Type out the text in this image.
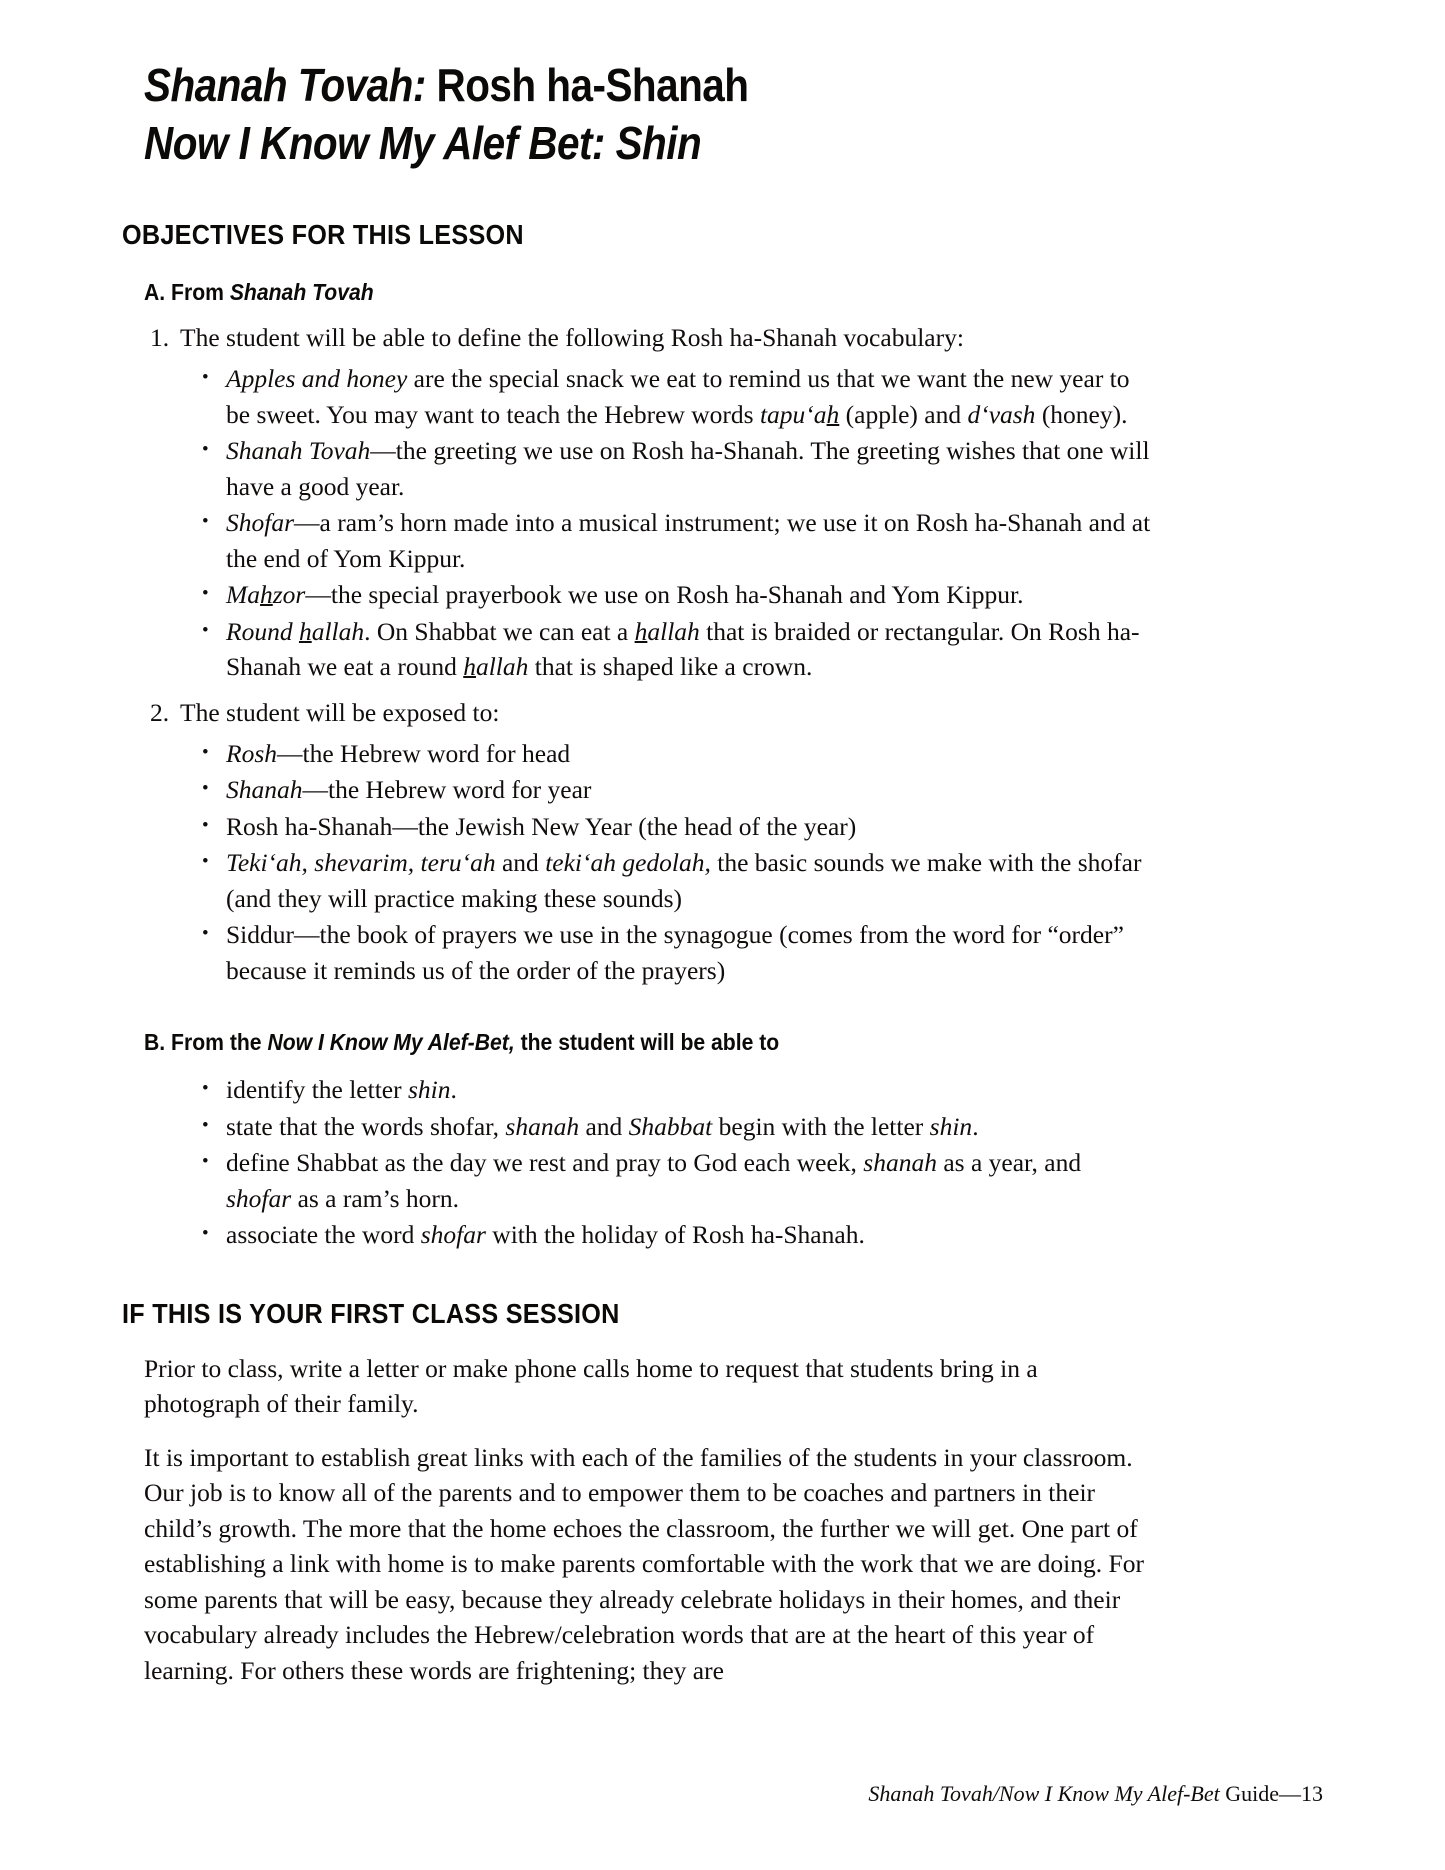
Shanah Tovah: Rosh ha-Shanah
Now I Know My Alef Bet: Shin
OBJECTIVES FOR THIS LESSON
A. From Shanah Tovah
1. The student will be able to define the following Rosh ha-Shanah vocabulary:
• Apples and honey are the special snack we eat to remind us that we want the new year to be sweet. You may want to teach the Hebrew words tapuʻah (apple) and dʻvash (honey).
• Shanah Tovah—the greeting we use on Rosh ha-Shanah. The greeting wishes that one will have a good year.
• Shofar—a ram’s horn made into a musical instrument; we use it on Rosh ha-Shanah and at the end of Yom Kippur.
• Mahzor—the special prayerbook we use on Rosh ha-Shanah and Yom Kippur.
• Round hallah. On Shabbat we can eat a hallah that is braided or rectangular. On Rosh ha-Shanah we eat a round hallah that is shaped like a crown.
2. The student will be exposed to:
• Rosh—the Hebrew word for head
• Shanah—the Hebrew word for year
• Rosh ha-Shanah—the Jewish New Year (the head of the year)
• Tekiʻah, shevarim, teruʻah and tekiʻah gedolah, the basic sounds we make with the shofar (and they will practice making these sounds)
• Siddur—the book of prayers we use in the synagogue (comes from the word for “order” because it reminds us of the order of the prayers)
B. From the Now I Know My Alef-Bet, the student will be able to
• identify the letter shin.
• state that the words shofar, shanah and Shabbat begin with the letter shin.
• define Shabbat as the day we rest and pray to God each week, shanah as a year, and shofar as a ram’s horn.
• associate the word shofar with the holiday of Rosh ha-Shanah.
IF THIS IS YOUR FIRST CLASS SESSION

Prior to class, write a letter or make phone calls home to request that students bring in a photograph of their family.

It is important to establish great links with each of the families of the students in your classroom. Our job is to know all of the parents and to empower them to be coaches and partners in their child’s growth. The more that the home echoes the classroom, the further we will get. One part of establishing a link with home is to make parents comfortable with the work that we are doing. For some parents that will be easy, because they already celebrate holidays in their homes, and their vocabulary already includes the Hebrew/celebration words that are at the heart of this year of learning. For others these words are frightening; they are

Shanah Tovah/Now I Know My Alef-Bet Guide—13
